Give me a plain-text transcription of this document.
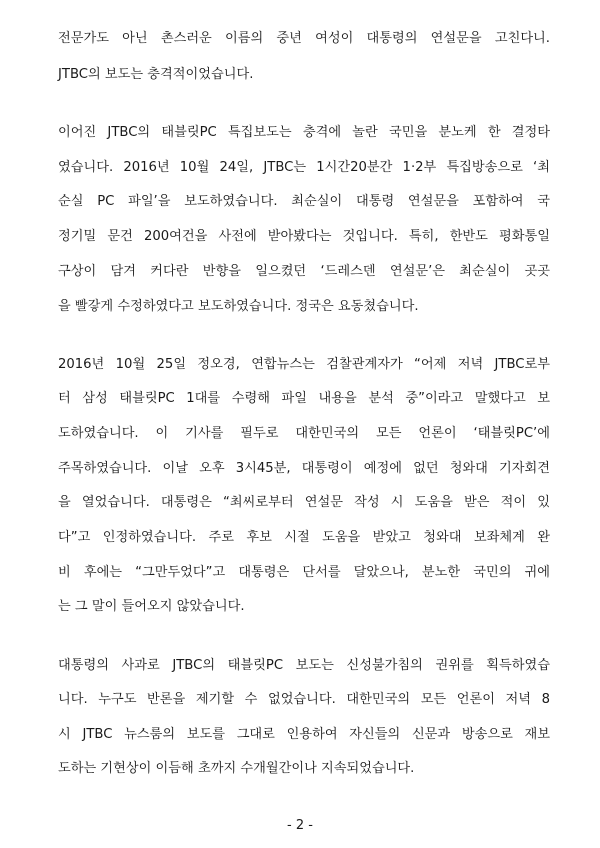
전문가도 아닌 촌스러운 이름의 중년 여성이 대통령의 연설문을 고친다니.
JTBC의 보도는 충격적이었습니다.
이어진 JTBC의 태블릿PC 특집보도는 충격에 놀란 국민을 분노케 한 결정타
였습니다. 2016년 10월 24일, JTBC는 1시간20분간 1·2부 특집방송으로 ‘최
순실 PC 파일’을 보도하였습니다. 최순실이 대통령 연설문을 포함하여 국
정기밀 문건 200여건을 사전에 받아봤다는 것입니다. 특히, 한반도 평화통일
구상이 담겨 커다란 반향을 일으켰던 ‘드레스덴 연설문’은 최순실이 곳곳
을 빨갛게 수정하였다고 보도하였습니다. 정국은 요동쳤습니다.
2016년 10월 25일 정오경, 연합뉴스는 검찰관계자가 “어제 저녁 JTBC로부
터 삼성 태블릿PC 1대를 수령해 파일 내용을 분석 중”이라고 말했다고 보
도하였습니다. 이 기사를 필두로 대한민국의 모든 언론이 ‘태블릿PC’에
주목하였습니다. 이날 오후 3시45분, 대통령이 예정에 없던 청와대 기자회견
을 열었습니다. 대통령은 “최씨로부터 연설문 작성 시 도움을 받은 적이 있
다”고 인정하였습니다. 주로 후보 시절 도움을 받았고 청와대 보좌체계 완
비 후에는 “그만두었다”고 대통령은 단서를 달았으나, 분노한 국민의 귀에
는 그 말이 들어오지 않았습니다.
대통령의 사과로 JTBC의 태블릿PC 보도는 신성불가침의 권위를 획득하였습
니다. 누구도 반론을 제기할 수 없었습니다. 대한민국의 모든 언론이 저녁 8
시 JTBC 뉴스룸의 보도를 그대로 인용하여 자신들의 신문과 방송으로 재보
도하는 기현상이 이듬해 초까지 수개월간이나 지속되었습니다.
- 2 -
